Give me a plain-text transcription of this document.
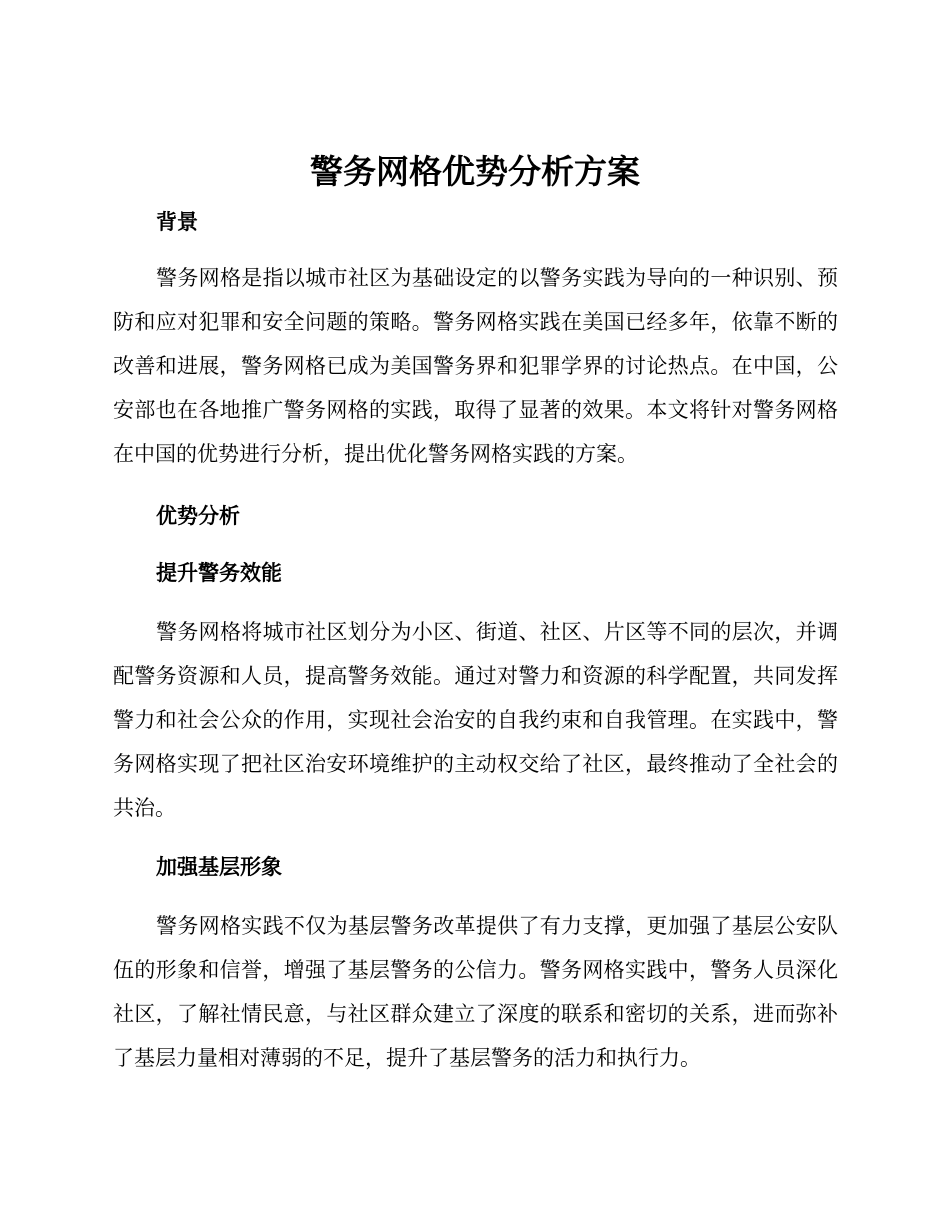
警务网格优势分析方案
背景

警务网格是指以城市社区为基础设定的以警务实践为导向的一种识别、预防和应对犯罪和安全问题的策略。警务网格实践在美国已经多年，依靠不断的改善和进展，警务网格已成为美国警务界和犯罪学界的讨论热点。在中国，公安部也在各地推广警务网格的实践，取得了显著的效果。本文将针对警务网格在中国的优势进行分析，提出优化警务网格实践的方案。

优势分析
提升警务效能

警务网格将城市社区划分为小区、街道、社区、片区等不同的层次，并调配警务资源和人员，提高警务效能。通过对警力和资源的科学配置，共同发挥警力和社会公众的作用，实现社会治安的自我约束和自我管理。在实践中，警务网格实现了把社区治安环境维护的主动权交给了社区，最终推动了全社会的共治。

加强基层形象

警务网格实践不仅为基层警务改革提供了有力支撑，更加强了基层公安队伍的形象和信誉，增强了基层警务的公信力。警务网格实践中，警务人员深化社区，了解社情民意，与社区群众建立了深度的联系和密切的关系，进而弥补了基层力量相对薄弱的不足，提升了基层警务的活力和执行力。
